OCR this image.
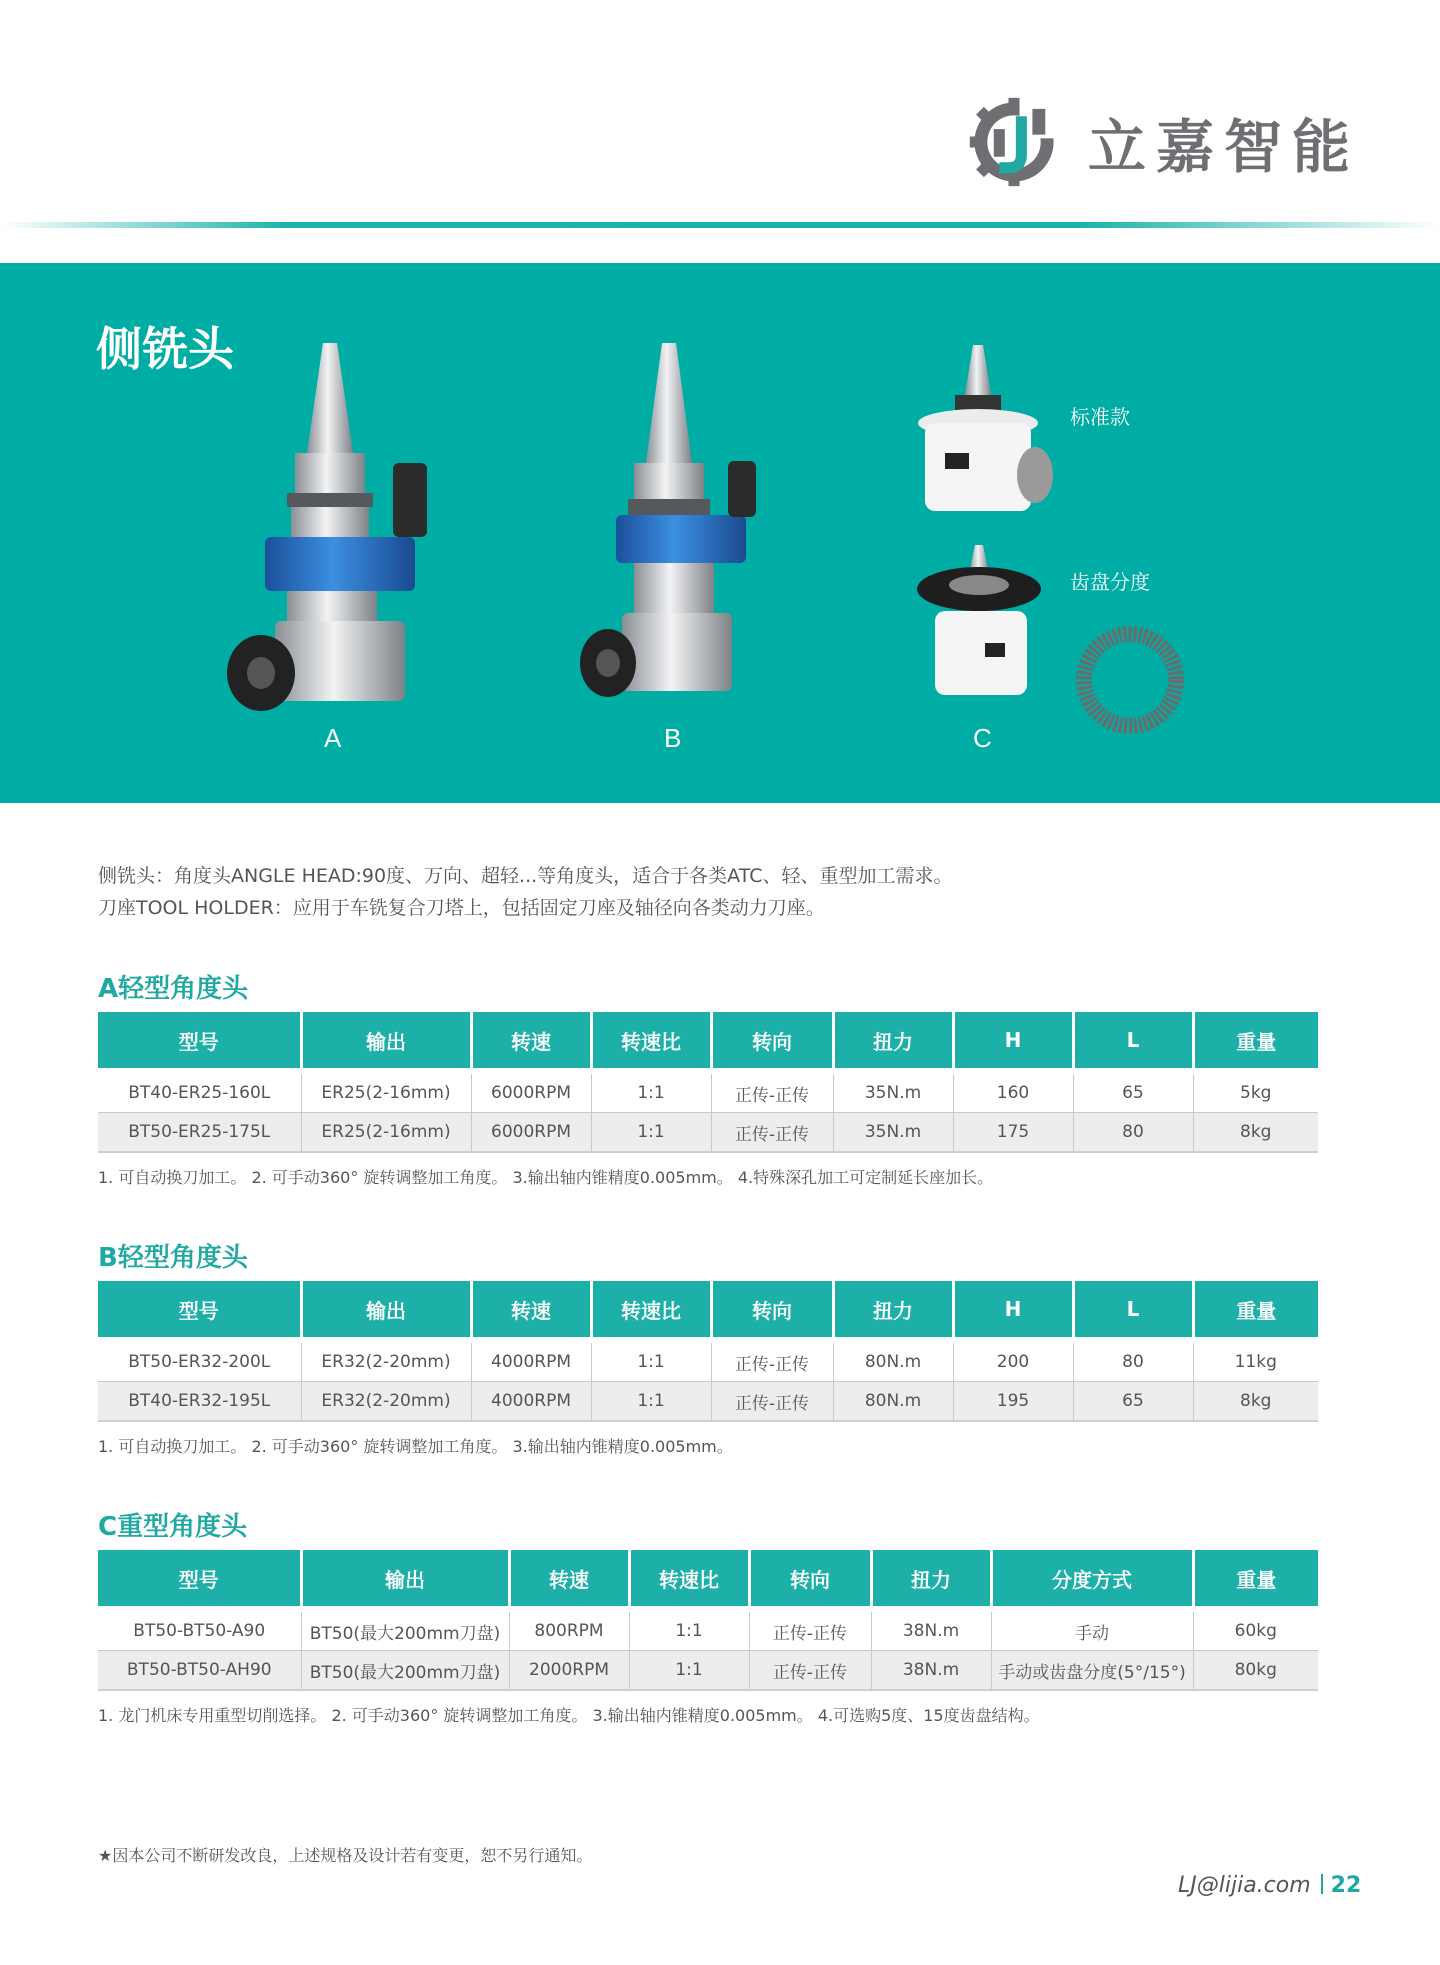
立嘉智能
侧铣头
A	B
标准款
齿盘分度
C
侧铣头：角度头ANGLE HEAD:90度、万向、超轻...等角度头，适合于各类ATC、轻、重型加工需求。
刀座TOOL HOLDER：应用于车铣复合刀塔上，包括固定刀座及轴径向各类动力刀座。
A轻型角度头
型号	输出	转速	转速比	转向	扭力	H	L	重量
BT40-ER25-160L	ER25(2-16mm)	6000RPM	1:1	正传-正传	35N.m	160	65	5kg
BT50-ER25-175L	ER25(2-16mm)	6000RPM	1:1	正传-正传	35N.m	175	80	8kg
1. 可自动换刀加工。 2. 可手动360° 旋转调整加工角度。 3.输出轴内锥精度0.005mm。 4.特殊深孔加工可定制延长座加长。
B轻型角度头
型号	输出	转速	转速比	转向	扭力	H	L	重量
BT50-ER32-200L	ER32(2-20mm)	4000RPM	1:1	正传-正传	80N.m	200	80	11kg
BT40-ER32-195L	ER32(2-20mm)	4000RPM	1:1	正传-正传	80N.m	195	65	8kg
1. 可自动换刀加工。 2. 可手动360° 旋转调整加工角度。 3.输出轴内锥精度0.005mm。
C重型角度头
型号	输出	转速	转速比	转向	扭力	分度方式	重量
BT50-BT50-A90	BT50(最大200mm刀盘)	800RPM	1:1	正传-正传	38N.m	手动	60kg
BT50-BT50-AH90	BT50(最大200mm刀盘)	2000RPM	1:1	正传-正传	38N.m	手动或齿盘分度(5°/15°)	80kg
1. 龙门机床专用重型切削选择。 2. 可手动360° 旋转调整加工角度。 3.输出轴内锥精度0.005mm。 4.可选购5度、15度齿盘结构。
★因本公司不断研发改良，上述规格及设计若有变更，恕不另行通知。
LJ@lijia.com 22
